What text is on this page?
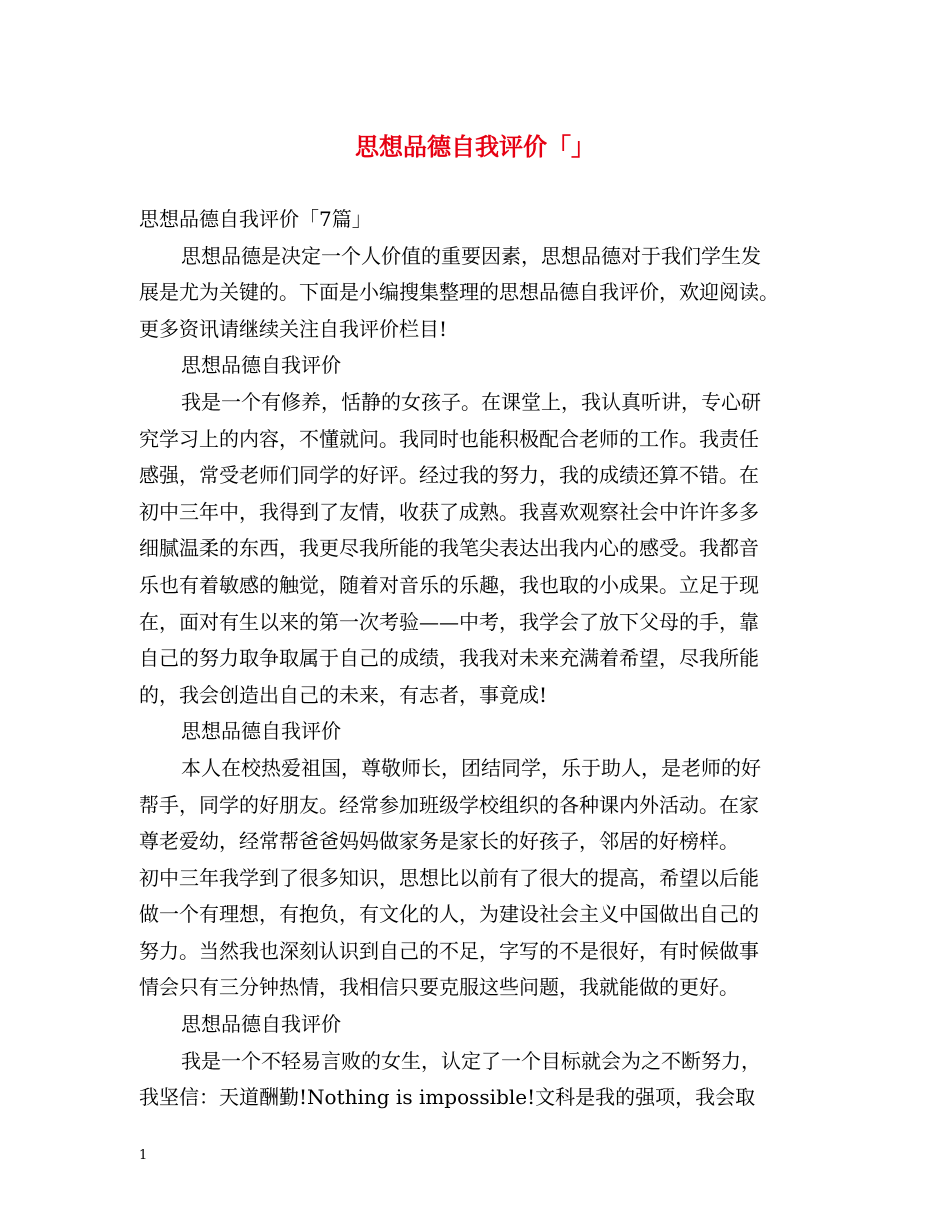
思想品德自我评价「」
思想品德自我评价「7篇」
思想品德是决定一个人价值的重要因素，思想品德对于我们学生发
展是尤为关键的。下面是小编搜集整理的思想品德自我评价，欢迎阅读。
更多资讯请继续关注自我评价栏目!
思想品德自我评价
我是一个有修养，恬静的女孩子。在课堂上，我认真听讲，专心研
究学习上的内容，不懂就问。我同时也能积极配合老师的工作。我责任
感强，常受老师们同学的好评。经过我的努力，我的成绩还算不错。在
初中三年中，我得到了友情，收获了成熟。我喜欢观察社会中许许多多
细腻温柔的东西，我更尽我所能的我笔尖表达出我内心的感受。我都音
乐也有着敏感的触觉，随着对音乐的乐趣，我也取的小成果。立足于现
在，面对有生以来的第一次考验——中考，我学会了放下父母的手，靠
自己的努力取争取属于自己的成绩，我我对未来充满着希望，尽我所能
的，我会创造出自己的未来，有志者，事竟成!
思想品德自我评价
本人在校热爱祖国，尊敬师长，团结同学，乐于助人，是老师的好
帮手，同学的好朋友。经常参加班级学校组织的各种课内外活动。在家
尊老爱幼，经常帮爸爸妈妈做家务是家长的好孩子，邻居的好榜样。
初中三年我学到了很多知识，思想比以前有了很大的提高，希望以后能
做一个有理想，有抱负，有文化的人，为建设社会主义中国做出自己的
努力。当然我也深刻认识到自己的不足，字写的不是很好，有时候做事
情会只有三分钟热情，我相信只要克服这些问题，我就能做的更好。
思想品德自我评价
我是一个不轻易言败的女生，认定了一个目标就会为之不断努力，
我坚信：天道酬勤!Nothing is impossible!文科是我的强项，我会取
1
